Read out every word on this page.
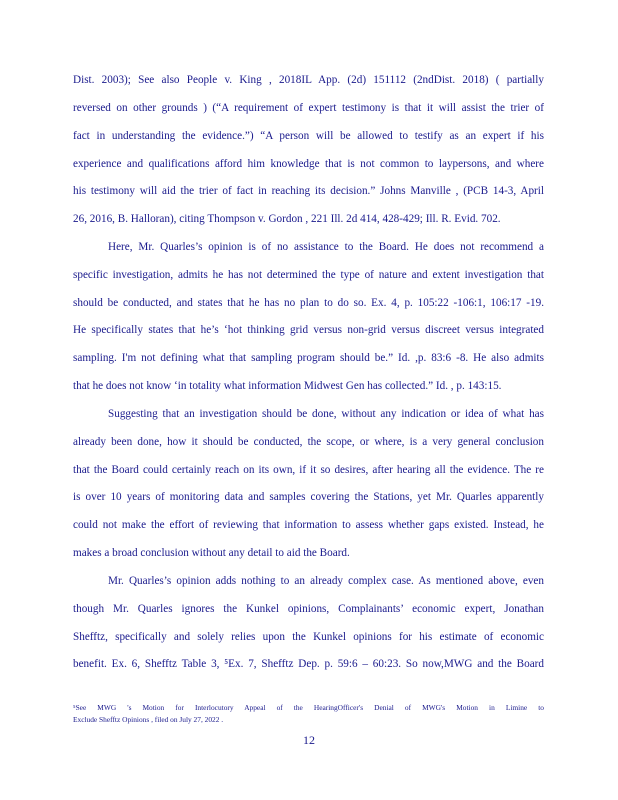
Dist. 2003); See also People v. King , 2018IL App. (2d) 151112 (2ndDist. 2018) ( partially
reversed on other grounds ) (“A requirement of expert testimony is that it will assist the trier of
fact in understanding the evidence.”) “A person will be allowed to testify as an expert if his
experience and qualifications afford him knowledge that is not common to laypersons, and where
his testimony will aid the trier of fact in reaching its decision.” Johns Manville , (PCB 14-3, April
26, 2016, B. Halloran), citing Thompson v. Gordon , 221 Ill. 2d 414, 428-429; Ill. R. Evid. 702.
Here, Mr. Quarles’s opinion is of no assistance to the Board. He does not recommend a
specific investigation, admits he has not determined the type of nature and extent investigation that
should be conducted, and states that he has no plan to do so. Ex. 4, p. 105:22 -106:1, 106:17 -19.
He specifically states that he’s ‘hot thinking grid versus non-grid versus discreet versus integrated
sampling. I'm not defining what that sampling program should be.” Id. ,p. 83:6 -8. He also admits
that he does not know ‘in totality what information Midwest Gen has collected.” Id. , p. 143:15.
Suggesting that an investigation should be done, without any indication or idea of what has
already been done, how it should be conducted, the scope, or where, is a very general conclusion
that the Board could certainly reach on its own, if it so desires, after hearing all the evidence. The re
is over 10 years of monitoring data and samples covering the Stations, yet Mr. Quarles apparently
could not make the effort of reviewing that information to assess whether gaps existed. Instead, he
makes a broad conclusion without any detail to aid the Board.
Mr. Quarles’s opinion adds nothing to an already complex case. As mentioned above, even
though Mr. Quarles ignores the Kunkel opinions, Complainants’ economic expert, Jonathan
Shefftz, specifically and solely relies upon the Kunkel opinions for his estimate of economic
benefit. Ex. 6, Shefftz Table 3, ⁵Ex. 7, Shefftz Dep. p. 59:6 – 60:23. So now,MWG and the Board
⁵See MWG 's Motion for Interlocutory Appeal of the HearingOfficer's Denial of MWG's Motion in Limine to
Exclude Shefftz Opinions , filed on July 27, 2022 .
12
